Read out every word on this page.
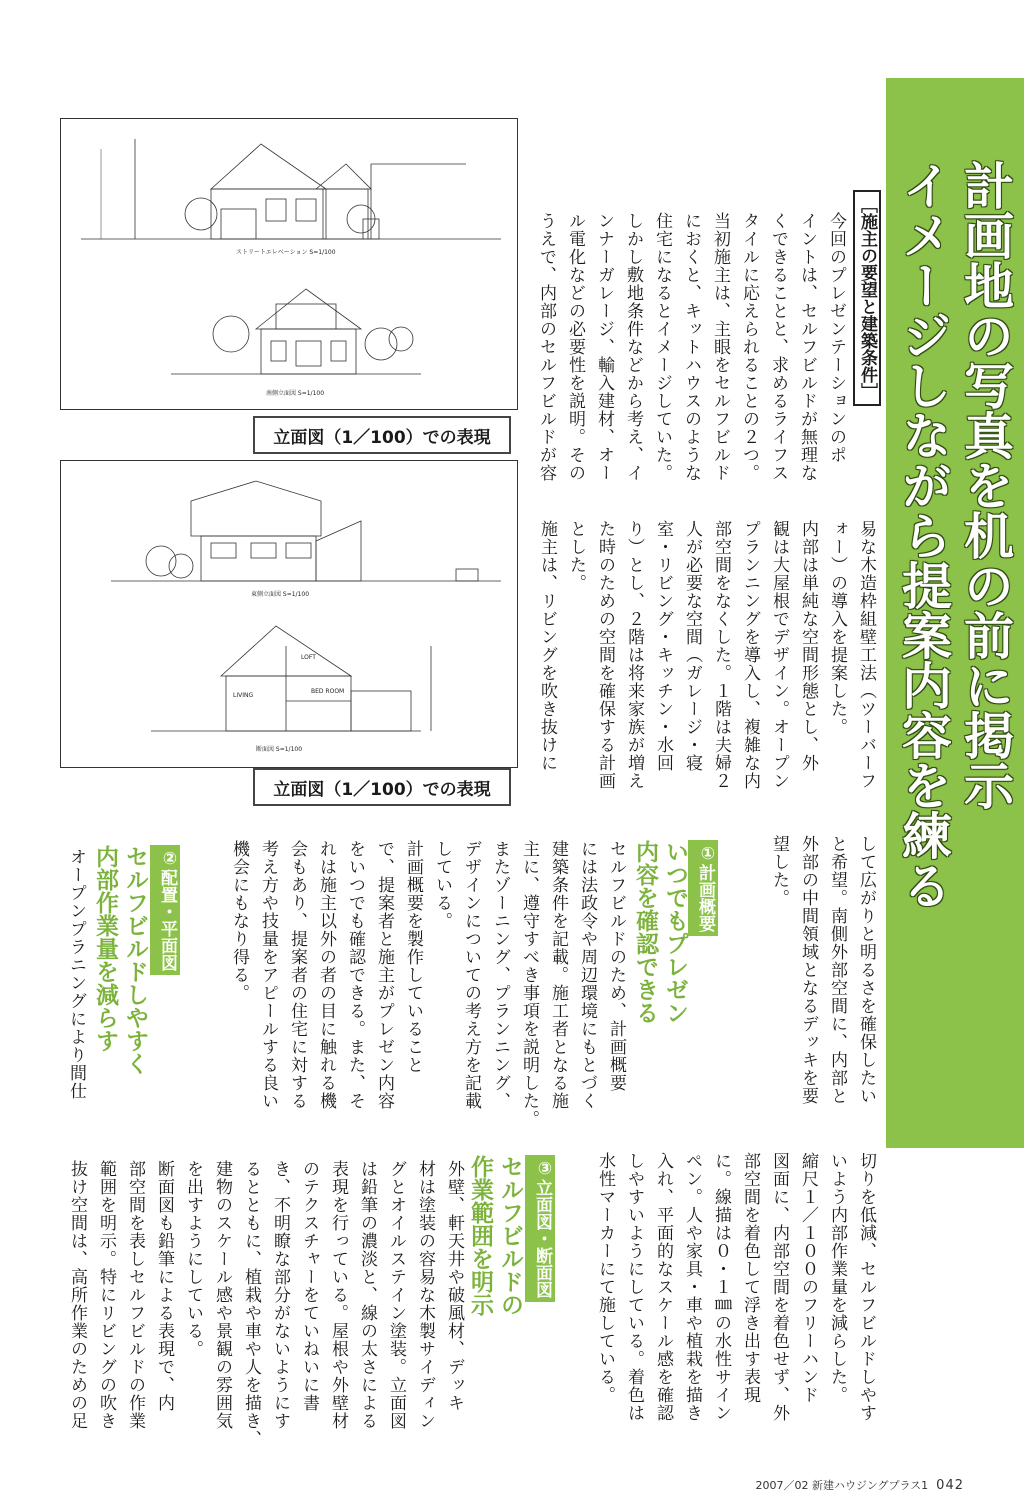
計画地の写真を机の前に掲示
イメージしながら提案内容を練る
ストリートエレベーション S=1/100
南側立面図 S=1/100
立面図（1／100）での表現
LOFT
LIVING
BED ROOM
東側立面図 S=1/100
断面図 S=1/100
立面図（1／100）での表現
［施主の要望と建築条件］
今回のプレゼンテーションのポ
イントは、セルフビルドが無理な
くできることと、求めるライフス
タイルに応えられることの２つ。
当初施主は、主眼をセルフビルド
におくと、キットハウスのような
住宅になるとイメージしていた。
しかし敷地条件などから考え、イ
ンナーガレージ、輸入建材、オー
ル電化などの必要性を説明。その
うえで、内部のセルフビルドが容
易な木造枠組壁工法（ツーバーフ
ォー）の導入を提案した。
内部は単純な空間形態とし、外
観は大屋根でデザイン。オープン
プランニングを導入し、複雑な内
部空間をなくした。１階は夫婦２
人が必要な空間（ガレージ・寝
室・リビング・キッチン・水回
り）とし、２階は将来家族が増え
た時のための空間を確保する計画
とした。
施主は、リビングを吹き抜けに
して広がりと明るさを確保したい
と希望。南側外部空間に、内部と
外部の中間領域となるデッキを要
望した。
①
計画概要
いつでもプレゼン
内容を確認できる
セルフビルドのため、計画概要
には法政令や周辺環境にもとづく
建築条件を記載。施工者となる施
主に、遵守すべき事項を説明した。
またゾーニング、プランニング、
デザインについての考え方を記載
している。
計画概要を製作していること
で、提案者と施主がプレゼン内容
をいつでも確認できる。また、そ
れは施主以外の者の目に触れる機
会もあり、提案者の住宅に対する
考え方や技量をアピールする良い
機会にもなり得る。
②
配置・平面図
セルフビルドしやすく
内部作業量を減らす
オープンプラニングにより間仕
切りを低減、セルフビルドしやす
いよう内部作業量を減らした。
縮尺１／１００のフリーハンド
図面に、内部空間を着色せず、外
部空間を着色して浮き出す表現
に。線描は０・１㎜の水性サイン
ペン。人や家具・車や植栽を描き
入れ、平面的なスケール感を確認
しやすいようにしている。着色は
水性マーカーにて施している。
③
立面図・断面図
セルフビルドの
作業範囲を明示
外壁、軒天井や破風材、デッキ
材は塗装の容易な木製サイディン
グとオイルステイン塗装。立面図
は鉛筆の濃淡と、線の太さによる
表現を行っている。屋根や外壁材
のテクスチャーをていねいに書
き、不明瞭な部分がないようにす
るとともに、植栽や車や人を描き、
建物のスケール感や景観の雰囲気
を出すようにしている。
断面図も鉛筆による表現で、内
部空間を表しセルフビルドの作業
範囲を明示。特にリビングの吹き
抜け空間は、高所作業のための足
2007／02 新建ハウジングプラス1 042
